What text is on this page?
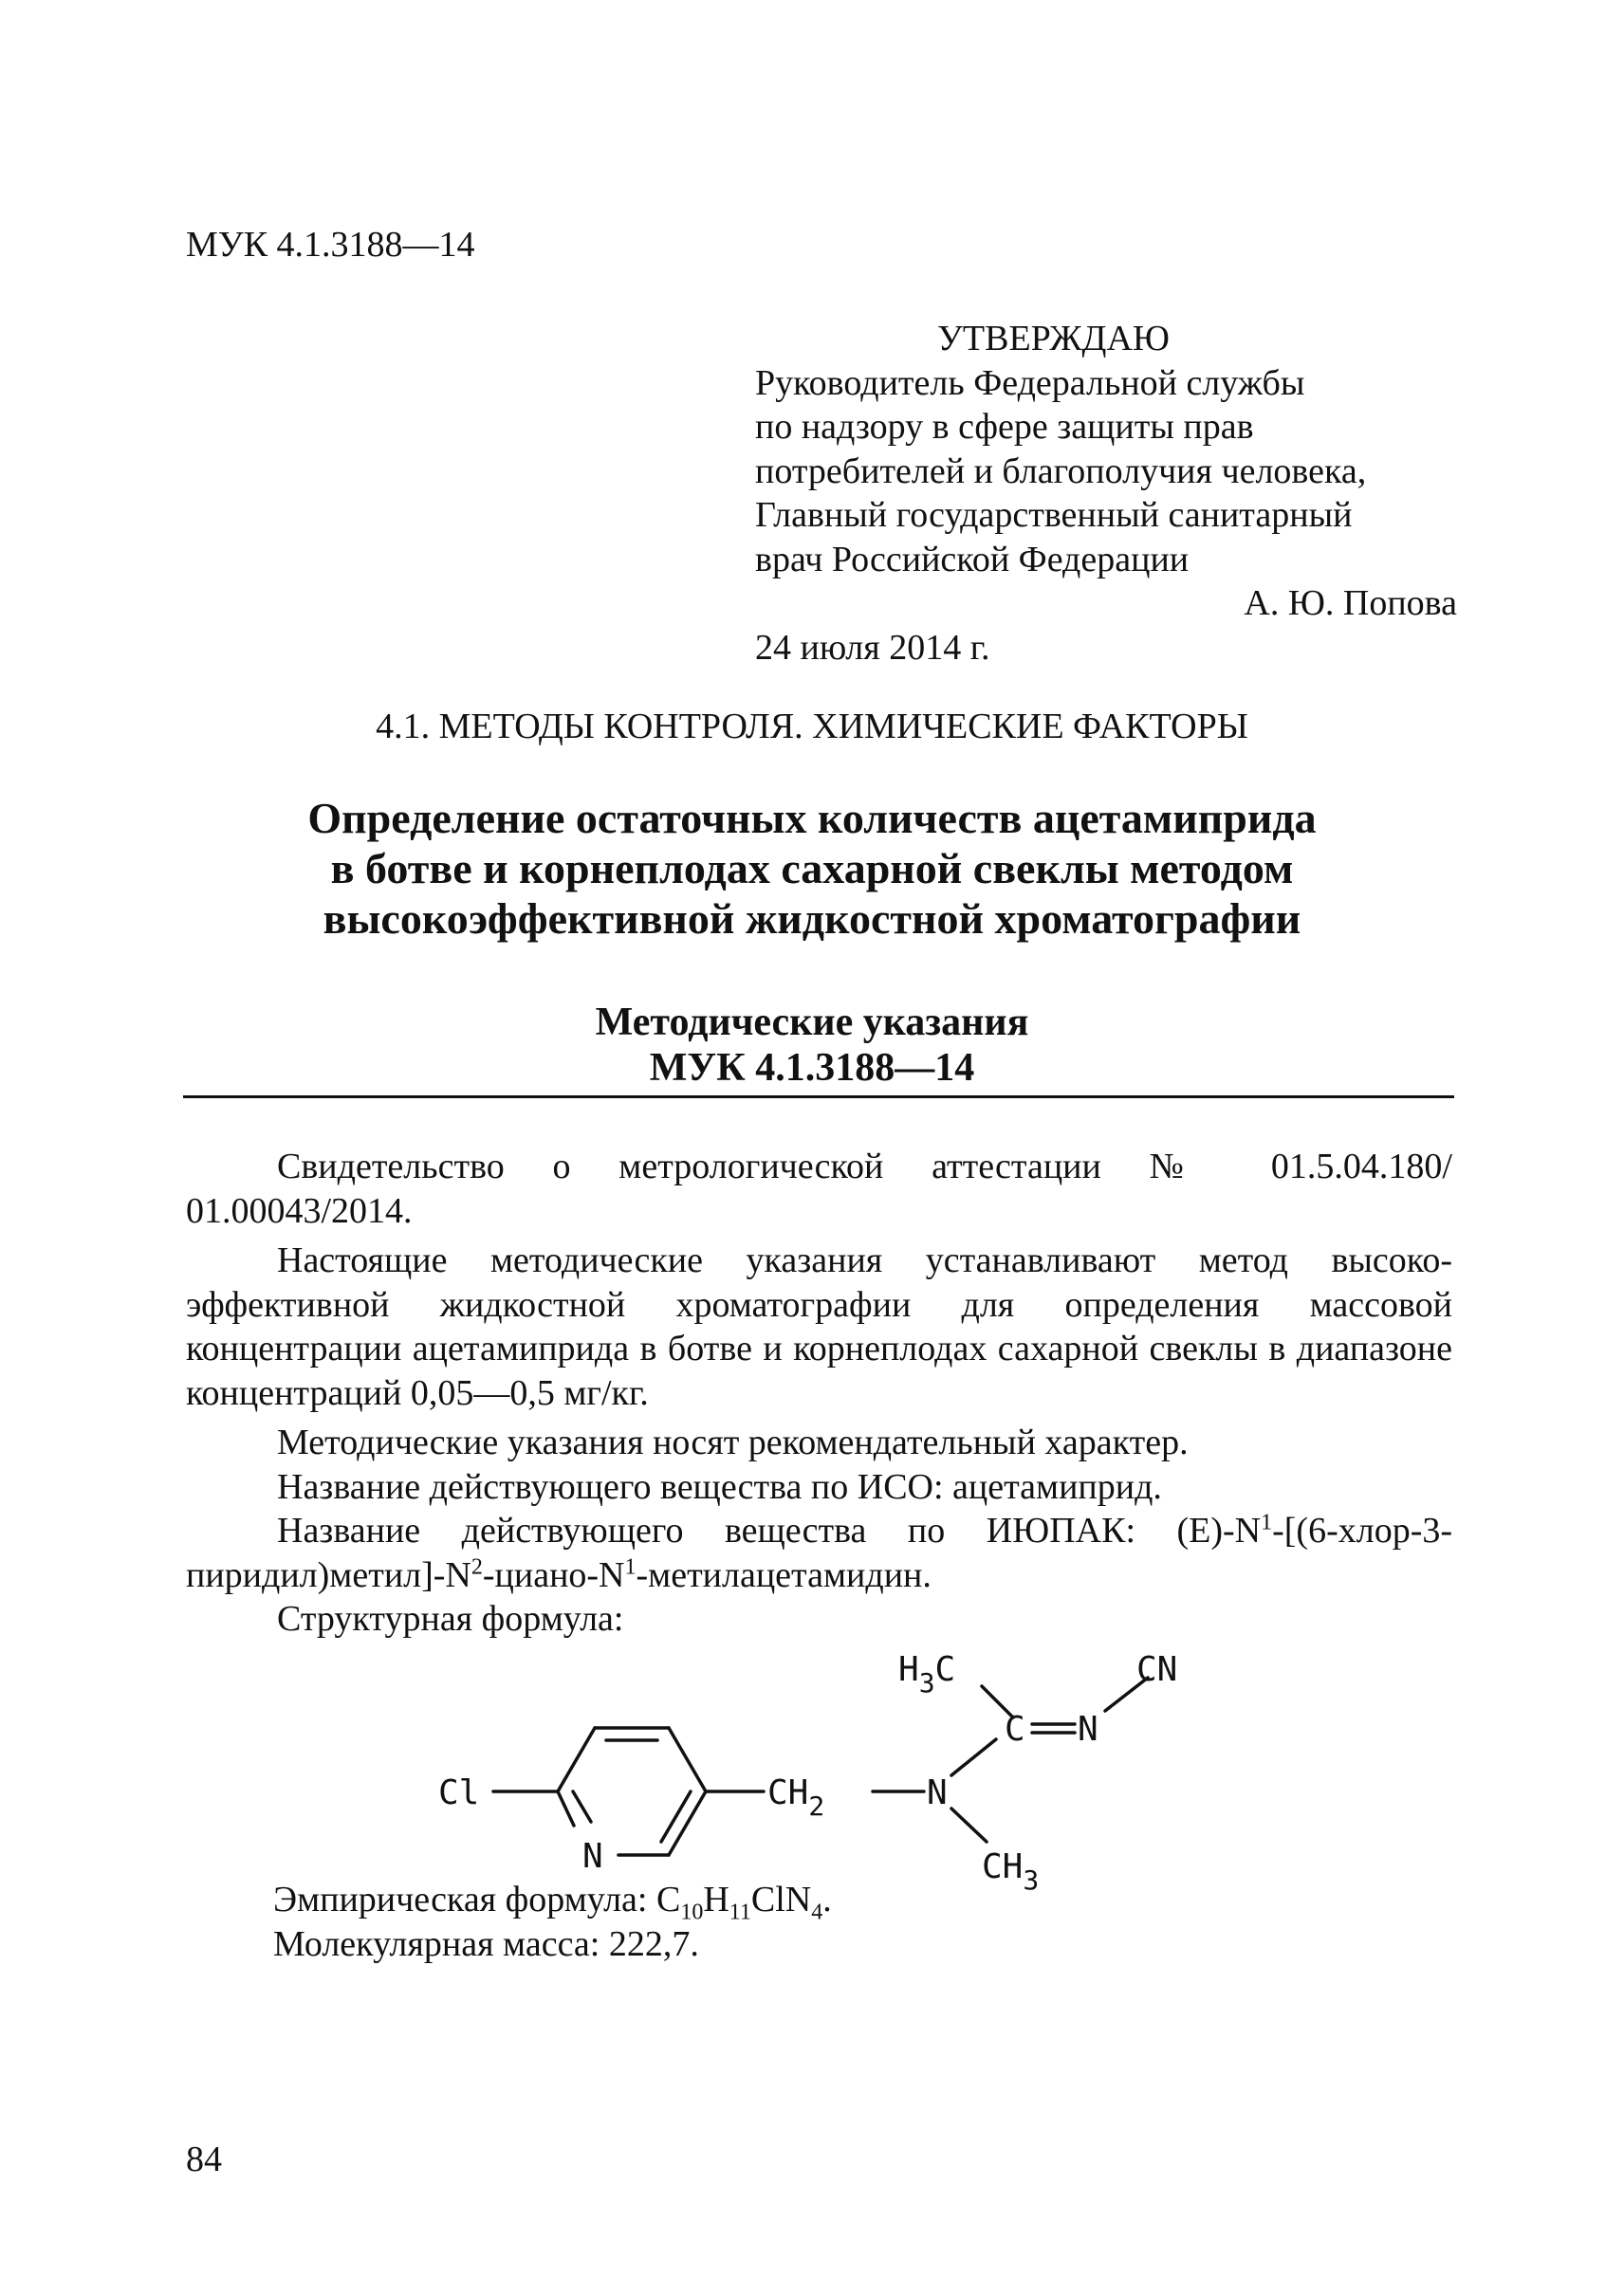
МУК 4.1.3188—14
УТВЕРЖДАЮ
Руководитель Федеральной службы
по надзору в сфере защиты прав
потребителей и благополучия человека,
Главный государственный санитарный
врач Российской Федерации
А. Ю. Попова
24 июля 2014 г.
4.1. МЕТОДЫ КОНТРОЛЯ. ХИМИЧЕСКИЕ ФАКТОРЫ
Определение остаточных количеств ацетамиприда
в ботве и корнеплодах сахарной свеклы методом
высокоэффективной жидкостной хроматографии
Методические указания
МУК 4.1.3188—14

Свидетельство о метрологической аттестации № 01.5.04.180/ 01.00043/2014.

Настоящие методические указания устанавливают метод высокоэффективной жидкостной хроматографии для определения массовой концентрации ацетамиприда в ботве и корнеплодах сахарной свеклы в диапазоне концентраций 0,05—0,5 мг/кг.

Методические указания носят рекомендательный характер.

Название действующего вещества по ИСО: ацетамиприд.

Название действующего вещества по ИЮПАК: $(E)-N^1-[(6-хлор-3-пиридил)метил]-N^2-циано-N^1$-метилацетамидин.

Структурная формула:

Cl
N
$CH_2$	N
$H_3C$
C N
CN
$CH_3$
Эмпирическая формула: $C_{10}H_{11}ClN_4$.
Молекулярная масса: 222,7.
84
